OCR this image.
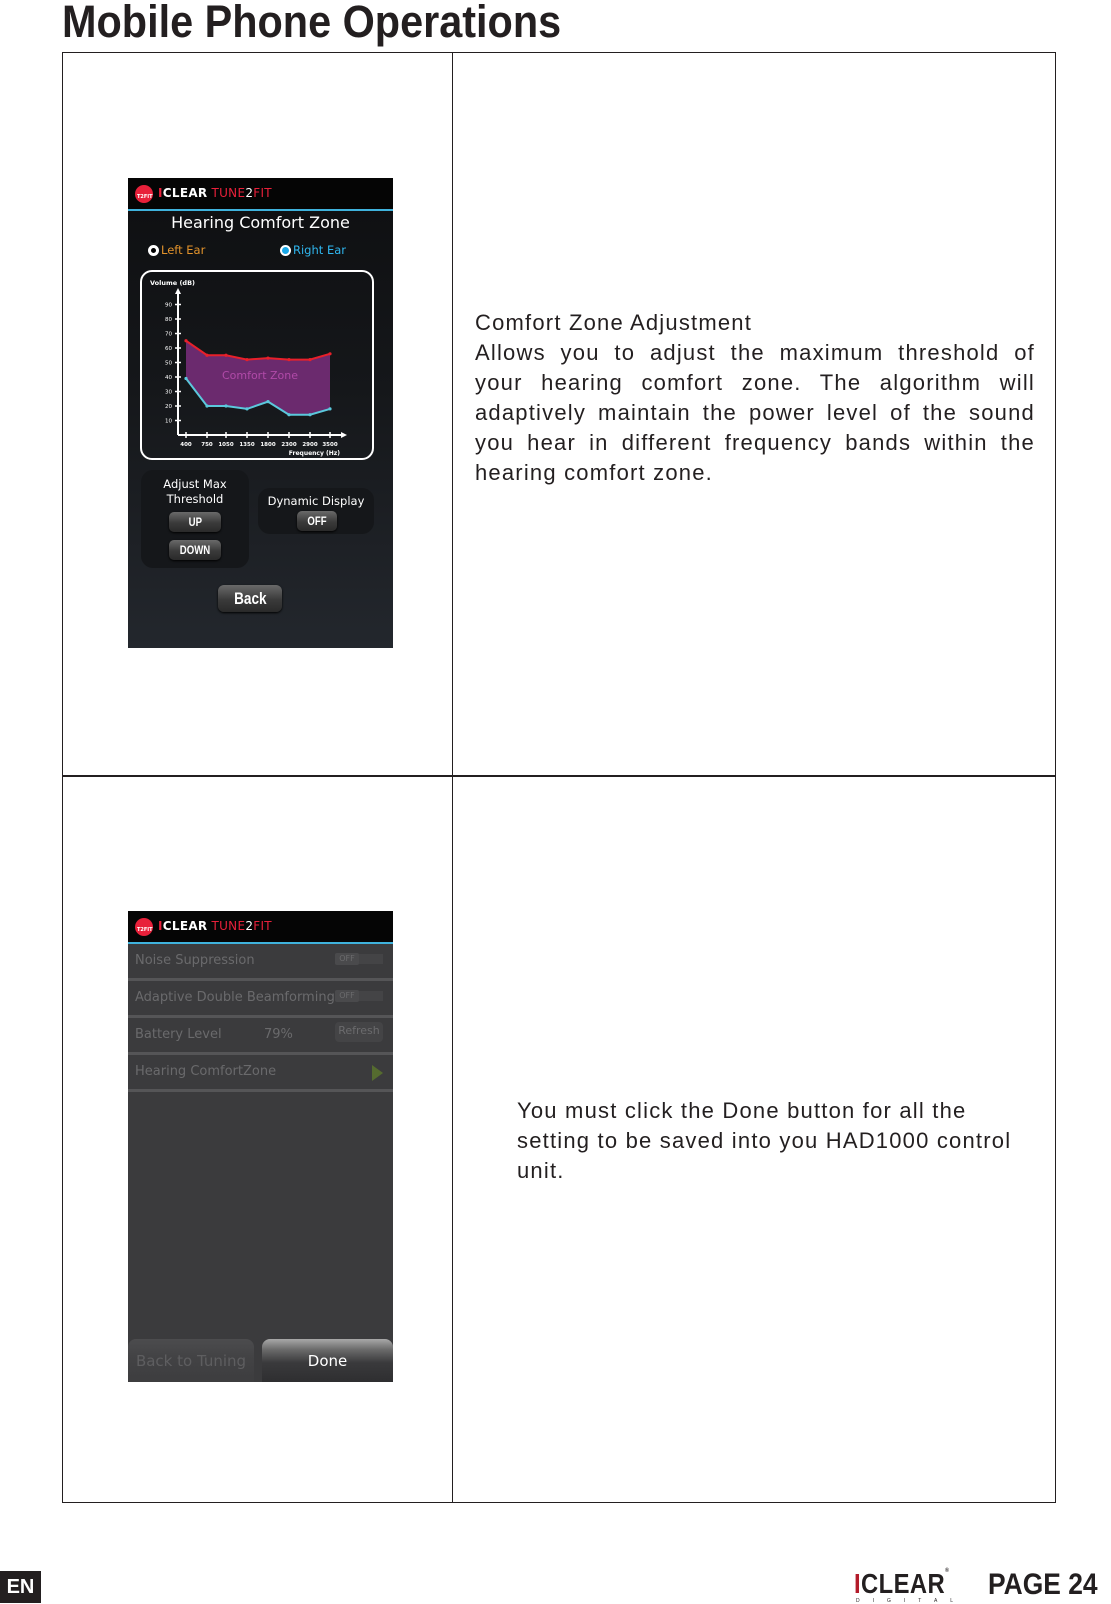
Mobile Phone Operations

Comfort Zone Adjustment

Allows you to adjust the maximum threshold of your hearing comfort zone. The algorithm will adaptively maintain the power level of the sound you hear in different frequency bands within the hearing comfort zone.

You must click the Done button for all the setting to be saved into you HAD1000 control unit.

T2FIT ICLEAR TUNE2FIT
Hearing Comfort Zone
Left Ear	Right Ear
Volume (dB)
Comfort Zone
10
20
30
40
50
60
70
80
90
400 750 1050 1350 1800 2300 2900 3500
Frequency (Hz)
Adjust Max
Threshold
UP
DOWN
Dynamic Display
OFF
Back
T2FIT ICLEAR TUNE2FIT
Noise Suppression	OFF
Adaptive Double Beamforming OFF
Battery Level	79%	Refresh
Hearing ComfortZone
Back to Tuning	Done
EN	ICLEAR®
DIGITAL PAGE 24
